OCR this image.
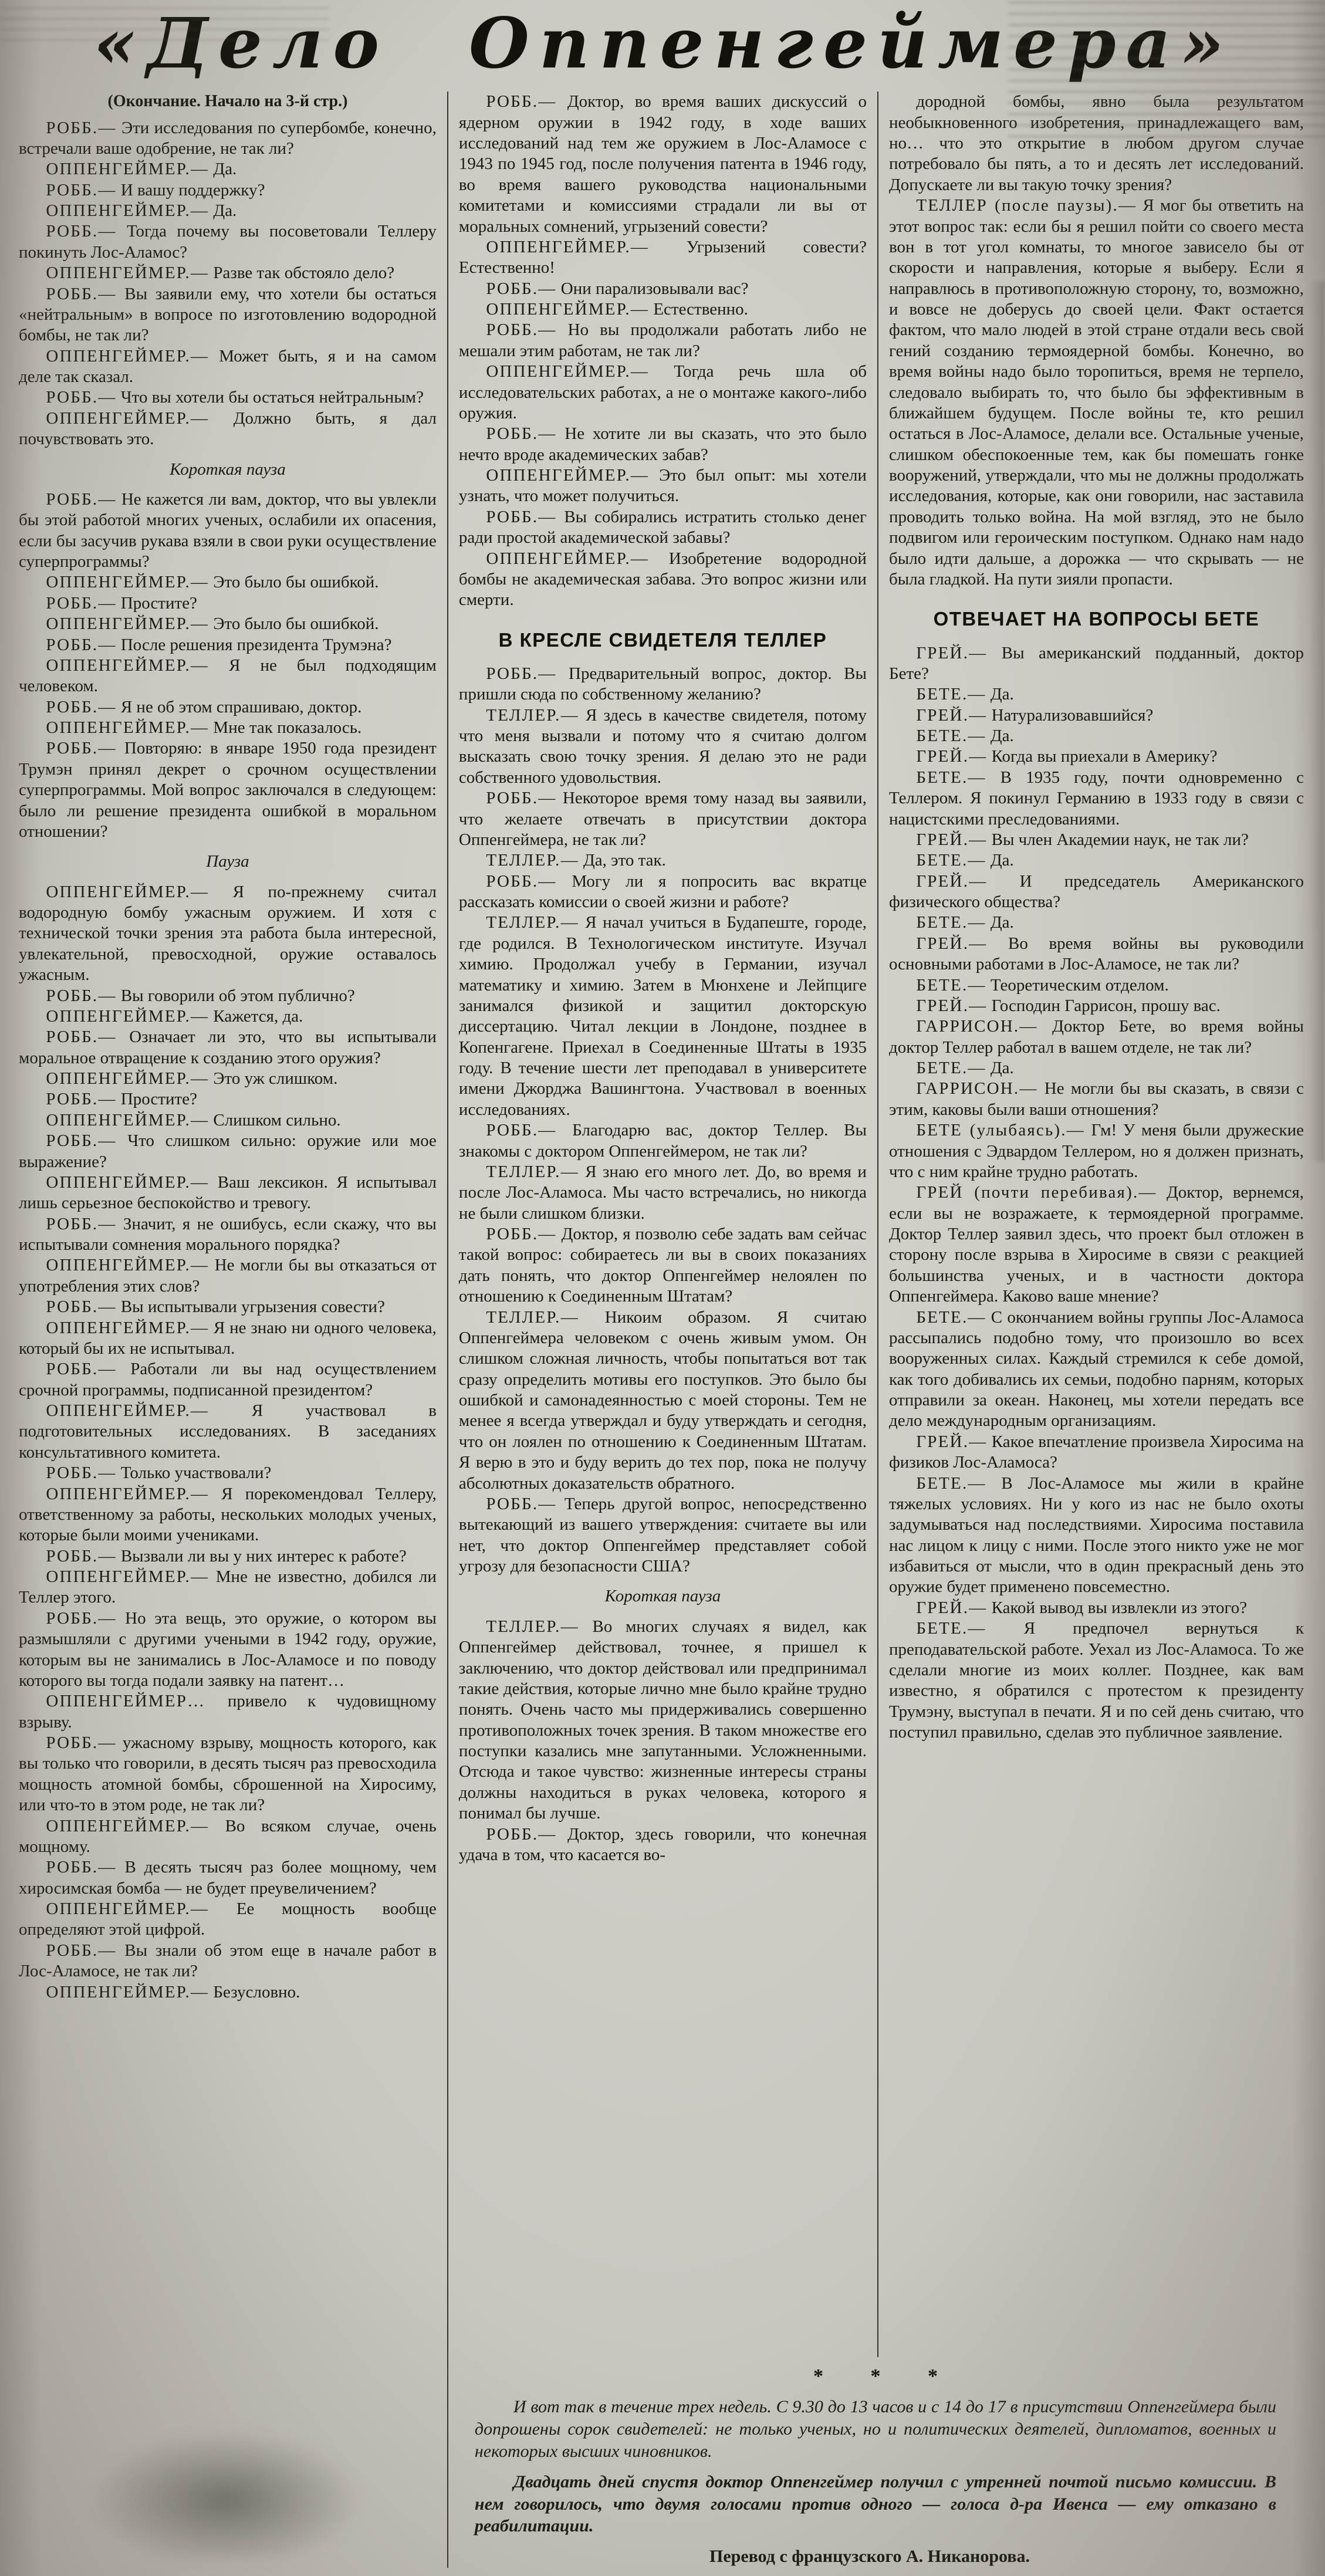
«Дело Оппенгеймера»

(Окончание. Начало на 3-й стр.)

РОББ.— Эти исследования по супербомбе, конечно, встречали ваше одобрение, не так ли?

ОППЕНГЕЙМЕР.— Да.

РОББ.— И вашу поддержку?

ОППЕНГЕЙМЕР.— Да.

РОББ.— Тогда почему вы посоветовали Теллеру покинуть Лос-Аламос?

ОППЕНГЕЙМЕР.— Разве так обстояло дело?

РОББ.— Вы заявили ему, что хотели бы остаться «нейтральным» в вопросе по изготовлению водородной бомбы, не так ли?

ОППЕНГЕЙМЕР.— Может быть, я и на самом деле так сказал.

РОББ.— Что вы хотели бы остаться нейтральным?

ОППЕНГЕЙМЕР.— Должно быть, я дал почувствовать это.

Короткая пауза

РОББ.— Не кажется ли вам, доктор, что вы увлекли бы этой работой многих ученых, ослабили их опасения, если бы засучив рукава взяли в свои руки осуществление суперпрограммы?

ОППЕНГЕЙМЕР.— Это было бы ошибкой.

РОББ.— Простите?

ОППЕНГЕЙМЕР.— Это было бы ошибкой.

РОББ.— После решения президента Трумэна?

ОППЕНГЕЙМЕР.— Я не был подходящим человеком.

РОББ.— Я не об этом спрашиваю, доктор.

ОППЕНГЕЙМЕР.— Мне так показалось.

РОББ.— Повторяю: в январе 1950 года президент Трумэн принял декрет о срочном осуществлении суперпрограммы. Мой вопрос заключался в следующем: было ли решение президента ошибкой в моральном отношении?

Пауза

ОППЕНГЕЙМЕР.— Я по-прежнему считал водородную бомбу ужасным оружием. И хотя с технической точки зрения эта работа была интересной, увлекательной, превосходной, оружие оставалось ужасным.

РОББ.— Вы говорили об этом публично?

ОППЕНГЕЙМЕР.— Кажется, да.

РОББ.— Означает ли это, что вы испытывали моральное отвращение к созданию этого оружия?

ОППЕНГЕЙМЕР.— Это уж слишком.

РОББ.— Простите?

ОППЕНГЕЙМЕР.— Слишком сильно.

РОББ.— Что слишком сильно: оружие или мое выражение?

ОППЕНГЕЙМЕР.— Ваш лексикон. Я испытывал лишь серьезное беспокойство и тревогу.

РОББ.— Значит, я не ошибусь, если скажу, что вы испытывали сомнения морального порядка?

ОППЕНГЕЙМЕР.— Не могли бы вы отказаться от употребления этих слов?

РОББ.— Вы испытывали угрызения совести?

ОППЕНГЕЙМЕР.— Я не знаю ни одного человека, который бы их не испытывал.

РОББ.— Работали ли вы над осуществлением срочной программы, подписанной президентом?

ОППЕНГЕЙМЕР.— Я участвовал в подготовительных исследованиях. В заседаниях консультативного комитета.

РОББ.— Только участвовали?

ОППЕНГЕЙМЕР.— Я порекомендовал Теллеру, ответственному за работы, нескольких молодых ученых, которые были моими учениками.

РОББ.— Вызвали ли вы у них интерес к работе?

ОППЕНГЕЙМЕР.— Мне не известно, добился ли Теллер этого.

РОББ.— Но эта вещь, это оружие, о котором вы размышляли с другими учеными в 1942 году, оружие, которым вы не занимались в Лос-Аламосе и по поводу которого вы тогда подали заявку на патент…

ОППЕНГЕЙМЕР… привело к чудовищному взрыву.

РОББ.— ужасному взрыву, мощность которого, как вы только что говорили, в десять тысяч раз превосходила мощность атомной бомбы, сброшенной на Хиросиму, или что-то в этом роде, не так ли?

ОППЕНГЕЙМЕР.— Во всяком случае, очень мощному.

РОББ.— В десять тысяч раз более мощному, чем хиросимская бомба — не будет преувеличением?

ОППЕНГЕЙМЕР.— Ее мощность вообще определяют этой цифрой.

РОББ.— Вы знали об этом еще в начале работ в Лос-Аламосе, не так ли?

ОППЕНГЕЙМЕР.— Безусловно.

РОББ.— Доктор, во время ваших дискуссий о ядерном оружии в 1942 году, в ходе ваших исследований над тем же оружием в Лос-Аламосе с 1943 по 1945 год, после получения патента в 1946 году, во время вашего руководства национальными комитетами и комиссиями страдали ли вы от моральных сомнений, угрызений совести?

ОППЕНГЕЙМЕР.— Угрызений совести? Естественно!

РОББ.— Они парализовывали вас?

ОППЕНГЕЙМЕР.— Естественно.

РОББ.— Но вы продолжали работать либо не мешали этим работам, не так ли?

ОППЕНГЕЙМЕР.— Тогда речь шла об исследовательских работах, а не о монтаже какого-либо оружия.

РОББ.— Не хотите ли вы сказать, что это было нечто вроде академических забав?

ОППЕНГЕЙМЕР.— Это был опыт: мы хотели узнать, что может получиться.

РОББ.— Вы собирались истратить столько денег ради простой академической забавы?

ОППЕНГЕЙМЕР.— Изобретение водородной бомбы не академическая забава. Это вопрос жизни или смерти.

В КРЕСЛЕ СВИДЕТЕЛЯ ТЕЛЛЕР

РОББ.— Предварительный вопрос, доктор. Вы пришли сюда по собственному желанию?

ТЕЛЛЕР.— Я здесь в качестве свидетеля, потому что меня вызвали и потому что я считаю долгом высказать свою точку зрения. Я делаю это не ради собственного удовольствия.

РОББ.— Некоторое время тому назад вы заявили, что желаете отвечать в присутствии доктора Оппенгеймера, не так ли?

ТЕЛЛЕР.— Да, это так.

РОББ.— Могу ли я попросить вас вкратце рассказать комиссии о своей жизни и работе?

ТЕЛЛЕР.— Я начал учиться в Будапеште, городе, где родился. В Технологическом институте. Изучал химию. Продолжал учебу в Германии, изучал математику и химию. Затем в Мюнхене и Лейпциге занимался физикой и защитил докторскую диссертацию. Читал лекции в Лондоне, позднее в Копенгагене. Приехал в Соединенные Штаты в 1935 году. В течение шести лет преподавал в университете имени Джорджа Вашингтона. Участвовал в военных исследованиях.

РОББ.— Благодарю вас, доктор Теллер. Вы знакомы с доктором Оппенгеймером, не так ли?

ТЕЛЛЕР.— Я знаю его много лет. До, во время и после Лос-Аламоса. Мы часто встречались, но никогда не были слишком близки.

РОББ.— Доктор, я позволю себе задать вам сейчас такой вопрос: собираетесь ли вы в своих показаниях дать понять, что доктор Оппенгеймер нелоялен по отношению к Соединенным Штатам?

ТЕЛЛЕР.— Никоим образом. Я считаю Оппенгеймера человеком с очень живым умом. Он слишком сложная личность, чтобы попытаться вот так сразу определить мотивы его поступков. Это было бы ошибкой и самонадеянностью с моей стороны. Тем не менее я всегда утверждал и буду утверждать и сегодня, что он лоялен по отношению к Соединенным Штатам. Я верю в это и буду верить до тех пор, пока не получу абсолютных доказательств обратного.

РОББ.— Теперь другой вопрос, непосредственно вытекающий из вашего утверждения: считаете вы или нет, что доктор Оппенгеймер представляет собой угрозу для безопасности США?

Короткая пауза

ТЕЛЛЕР.— Во многих случаях я видел, как Оппенгеймер действовал, точнее, я пришел к заключению, что доктор действовал или предпринимал такие действия, которые лично мне было крайне трудно понять. Очень часто мы придерживались совершенно противоположных точек зрения. В таком множестве его поступки казались мне запутанными. Усложненными. Отсюда и такое чувство: жизненные интересы страны должны находиться в руках человека, которого я понимал бы лучше.

РОББ.— Доктор, здесь говорили, что конечная удача в том, что касается во-

дородной бомбы, явно была результатом необыкновенного изобретения, принадлежащего вам, но… что это открытие в любом другом случае потребовало бы пять, а то и десять лет исследований. Допускаете ли вы такую точку зрения?

ТЕЛЛЕР (после паузы).— Я мог бы ответить на этот вопрос так: если бы я решил пойти со своего места вон в тот угол комнаты, то многое зависело бы от скорости и направления, которые я выберу. Если я направлюсь в противоположную сторону, то, возможно, и вовсе не доберусь до своей цели. Факт остается фактом, что мало людей в этой стране отдали весь свой гений созданию термоядерной бомбы. Конечно, во время войны надо было торопиться, время не терпело, следовало выбирать то, что было бы эффективным в ближайшем будущем. После войны те, кто решил остаться в Лос-Аламосе, делали все. Остальные ученые, слишком обеспокоенные тем, как бы помешать гонке вооружений, утверждали, что мы не должны продолжать исследования, которые, как они говорили, нас заставила проводить только война. На мой взгляд, это не было подвигом или героическим поступком. Однако нам надо было идти дальше, а дорожка — что скрывать — не была гладкой. На пути зияли пропасти.

ОТВЕЧАЕТ НА ВОПРОСЫ БЕТЕ

ГРЕЙ.— Вы американский подданный, доктор Бете?

БЕТЕ.— Да.

ГРЕЙ.— Натурализовавшийся?

БЕТЕ.— Да.

ГРЕЙ.— Когда вы приехали в Америку?

БЕТЕ.— В 1935 году, почти одновременно с Теллером. Я покинул Германию в 1933 году в связи с нацистскими преследованиями.

ГРЕЙ.— Вы член Академии наук, не так ли?

БЕТЕ.— Да.

ГРЕЙ.— И председатель Американского физического общества?

БЕТЕ.— Да.

ГРЕЙ.— Во время войны вы руководили основными работами в Лос-Аламосе, не так ли?

БЕТЕ.— Теоретическим отделом.

ГРЕЙ.— Господин Гаррисон, прошу вас.

ГАРРИСОН.— Доктор Бете, во время войны доктор Теллер работал в вашем отделе, не так ли?

БЕТЕ.— Да.

ГАРРИСОН.— Не могли бы вы сказать, в связи с этим, каковы были ваши отношения?

БЕТЕ (улыбаясь).— Гм! У меня были дружеские отношения с Эдвардом Теллером, но я должен признать, что с ним крайне трудно работать.

ГРЕЙ (почти перебивая).— Доктор, вернемся, если вы не возражаете, к термоядерной программе. Доктор Теллер заявил здесь, что проект был отложен в сторону после взрыва в Хиросиме в связи с реакцией большинства ученых, и в частности доктора Оппенгеймера. Каково ваше мнение?

БЕТЕ.— С окончанием войны группы Лос-Аламоса рассыпались подобно тому, что произошло во всех вооруженных силах. Каждый стремился к себе домой, как того добивались их семьи, подобно парням, которых отправили за океан. Наконец, мы хотели передать все дело международным организациям.

ГРЕЙ.— Какое впечатление произвела Хиросима на физиков Лос-Аламоса?

БЕТЕ.— В Лос-Аламосе мы жили в крайне тяжелых условиях. Ни у кого из нас не было охоты задумываться над последствиями. Хиросима поставила нас лицом к лицу с ними. После этого никто уже не мог избавиться от мысли, что в один прекрасный день это оружие будет применено повсеместно.

ГРЕЙ.— Какой вывод вы извлекли из этого?

БЕТЕ.— Я предпочел вернуться к преподавательской работе. Уехал из Лос-Аламоса. То же сделали многие из моих коллег. Позднее, как вам известно, я обратился с протестом к президенту Трумэну, выступал в печати. Я и по сей день считаю, что поступил правильно, сделав это публичное заявление.

* * *

И вот так в течение трех недель. С 9.30 до 13 часов и с 14 до 17 в присутствии Оппенгеймера были допрошены сорок свидетелей: не только ученых, но и политических деятелей, дипломатов, военных и некоторых высших чиновников.

Двадцать дней спустя доктор Оппенгеймер получил с утренней почтой письмо комиссии. В нем говорилось, что двумя голосами против одного — голоса д-ра Ивенса — ему отказано в реабилитации.

Перевод с французского А. Никанорова.
